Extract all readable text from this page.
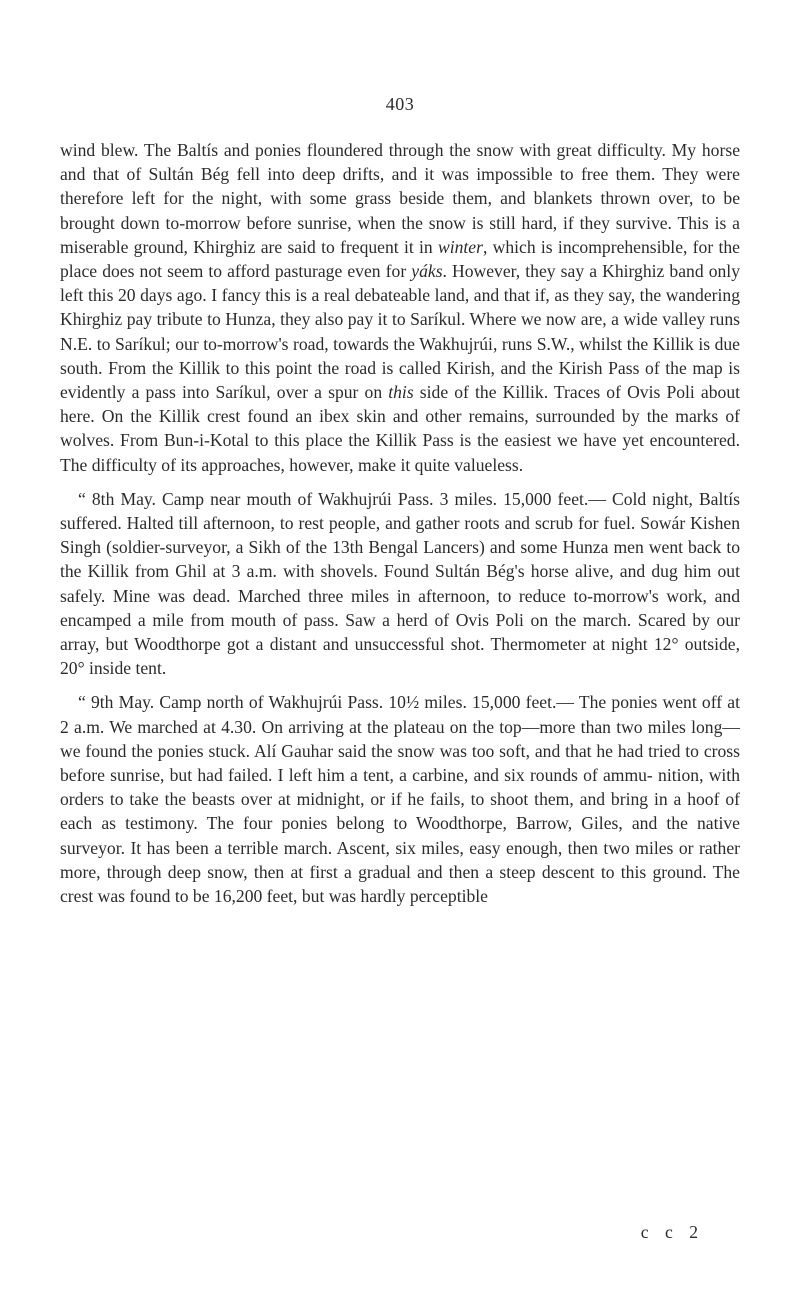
403

wind blew. The Baltís and ponies floundered through the snow with great difficulty. My horse and that of Sultán Bég fell into deep drifts, and it was impossible to free them. They were therefore left for the night, with some grass beside them, and blankets thrown over, to be brought down to-morrow before sunrise, when the snow is still hard, if they survive. This is a miserable ground, Khirghiz are said to frequent it in winter, which is incomprehensible, for the place does not seem to afford pasturage even for yáks. However, they say a Khirghiz band only left this 20 days ago. I fancy this is a real debateable land, and that if, as they say, the wandering Khirghiz pay tribute to Hunza, they also pay it to Saríkul. Where we now are, a wide valley runs N.E. to Saríkul; our to-morrow's road, towards the Wakhujrúi, runs S.W., whilst the Killik is due south. From the Killik to this point the road is called Kirish, and the Kirish Pass of the map is evidently a pass into Saríkul, over a spur on this side of the Killik. Traces of Ovis Poli about here. On the Killik crest found an ibex skin and other remains, surrounded by the marks of wolves. From Bun-i-Kotal to this place the Killik Pass is the easiest we have yet encountered. The difficulty of its approaches, however, make it quite valueless.

“ 8th May. Camp near mouth of Wakhujrúi Pass. 3 miles. 15,000 feet.— Cold night, Baltís suffered. Halted till afternoon, to rest people, and gather roots and scrub for fuel. Sowár Kishen Singh (soldier-surveyor, a Sikh of the 13th Bengal Lancers) and some Hunza men went back to the Killik from Ghil at 3 a.m. with shovels. Found Sultán Bég's horse alive, and dug him out safely. Mine was dead. Marched three miles in afternoon, to reduce to-morrow's work, and encamped a mile from mouth of pass. Saw a herd of Ovis Poli on the march. Scared by our array, but Woodthorpe got a distant and unsuccessful shot. Thermometer at night 12° outside, 20° inside tent.

“ 9th May. Camp north of Wakhujrúi Pass. 10½ miles. 15,000 feet.— The ponies went off at 2 a.m. We marched at 4.30. On arriving at the plateau on the top—more than two miles long—we found the ponies stuck. Alí Gauhar said the snow was too soft, and that he had tried to cross before sunrise, but had failed. I left him a tent, a carbine, and six rounds of ammu- nition, with orders to take the beasts over at midnight, or if he fails, to shoot them, and bring in a hoof of each as testimony. The four ponies belong to Woodthorpe, Barrow, Giles, and the native surveyor. It has been a terrible march. Ascent, six miles, easy enough, then two miles or rather more, through deep snow, then at first a gradual and then a steep descent to this ground. The crest was found to be 16,200 feet, but was hardly perceptible

c c 2
